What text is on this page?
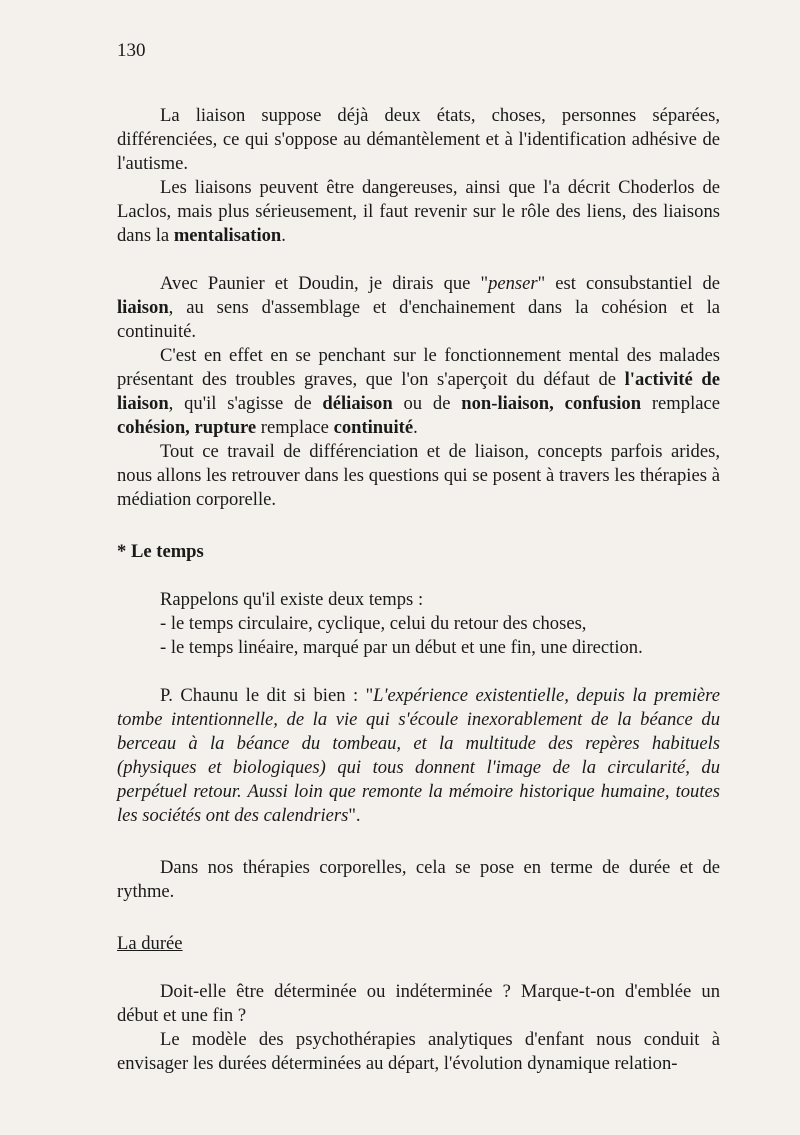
130

La liaison suppose déjà deux états, choses, personnes séparées, différenciées, ce qui s'oppose au démantèlement et à l'identification adhésive de l'autisme.

Les liaisons peuvent être dangereuses, ainsi que l'a décrit Choderlos de Laclos, mais plus sérieusement, il faut revenir sur le rôle des liens, des liaisons dans la mentalisation.

Avec Paunier et Doudin, je dirais que "penser" est consubstantiel de liaison, au sens d'assemblage et d'enchainement dans la cohésion et la continuité.

C'est en effet en se penchant sur le fonctionnement mental des malades présentant des troubles graves, que l'on s'aperçoit du défaut de l'activité de liaison, qu'il s'agisse de déliaison ou de non-liaison, confusion remplace cohésion, rupture remplace continuité.

Tout ce travail de différenciation et de liaison, concepts parfois arides, nous allons les retrouver dans les questions qui se posent à travers les thérapies à médiation corporelle.

* Le temps

Rappelons qu'il existe deux temps :

- le temps circulaire, cyclique, celui du retour des choses,

- le temps linéaire, marqué par un début et une fin, une direction.

P. Chaunu le dit si bien : "L'expérience existentielle, depuis la première tombe intentionnelle, de la vie qui s'écoule inexorablement de la béance du berceau à la béance du tombeau, et la multitude des repères habituels (physiques et biologiques) qui tous donnent l'image de la circularité, du perpétuel retour. Aussi loin que remonte la mémoire historique humaine, toutes les sociétés ont des calendriers".

Dans nos thérapies corporelles, cela se pose en terme de durée et de rythme.

La durée

Doit-elle être déterminée ou indéterminée ? Marque-t-on d'emblée un début et une fin ?

Le modèle des psychothérapies analytiques d'enfant nous conduit à envisager les durées déterminées au départ, l'évolution dynamique relation-
